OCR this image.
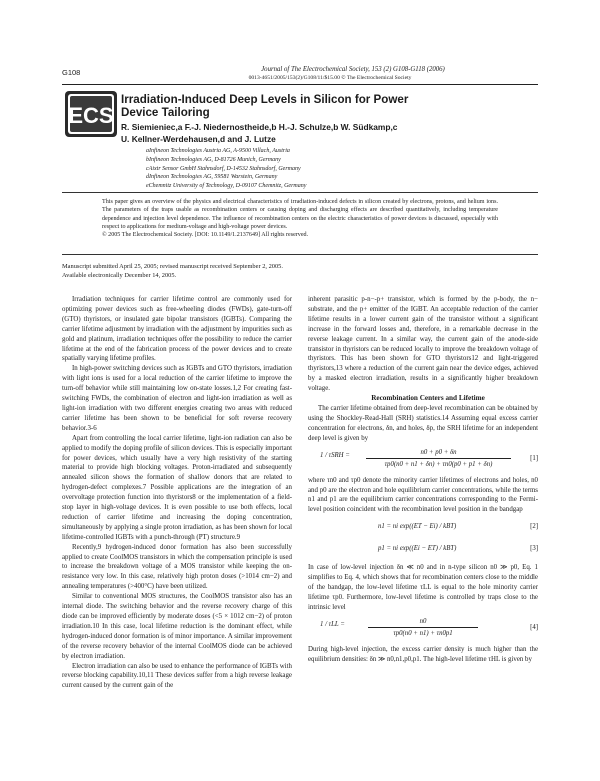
G108	Journal of The Electrochemical Society, 153 (2) G108-G118 (2006)
0013-4651/2005/153(2)/G108/11/$15.00 © The Electrochemical Society
ECS
Irradiation-Induced Deep Levels in Silicon for Power
Device Tailoring
R. Siemieniec,a F.-J. Niedernostheide,b H.-J. Schulze,b W. Südkamp,c
U. Kellner-Werdehausen,d and J. Lutze
aInfineon Technologies Austria AG, A-9500 Villach, Austria
bInfineon Technologies AG, D-81726 Munich, Germany
cAixtr Sensor GmbH Stahnsdorf, D-14532 Stahnsdorf, Germany
dInfineon Technologies AG, 59581 Warstein, Germany
eChemnitz University of Technology, D-09107 Chemnitz, Germany
This paper gives an overview of the physics and electrical characteristics of irradiation-induced defects in silicon created by electrons, protons, and helium ions. The parameters of the traps usable as recombination centers or causing doping and discharging effects are described quantitatively, including temperature dependence and injection level dependence. The influence of recombination centers on the electric characteristics of power devices is discussed, especially with respect to applications for medium-voltage and high-voltage power devices.
© 2005 The Electrochemical Society. [DOI: 10.1149/1.2137649] All rights reserved.
Manuscript submitted April 25, 2005; revised manuscript received September 2, 2005.
Available electronically December 14, 2005.

Irradiation techniques for carrier lifetime control are commonly used for optimizing power devices such as free-wheeling diodes (FWDs), gate-turn-off (GTO) thyristors, or insulated gate bipolar transistors (IGBTs). Comparing the carrier lifetime adjustment by irradiation with the adjustment by impurities such as gold and platinum, irradiation techniques offer the possibility to reduce the carrier lifetime at the end of the fabrication process of the power devices and to create spatially varying lifetime profiles.

In high-power switching devices such as IGBTs and GTO thyristors, irradiation with light ions is used for a local reduction of the carrier lifetime to improve the turn-off behavior while still maintaining low on-state losses.1,2 For creating fast-switching FWDs, the combination of electron and light-ion irradiation as well as light-ion irradiation with two different energies creating two areas with reduced carrier lifetime has been shown to be beneficial for soft reverse recovery behavior.3-6

Apart from controlling the local carrier lifetime, light-ion radiation can also be applied to modify the doping profile of silicon devices. This is especially important for power devices, which usually have a very high resistivity of the starting material to provide high blocking voltages. Proton-irradiated and subsequently annealed silicon shows the formation of shallow donors that are related to hydrogen-defect complexes.7 Possible applications are the integration of an overvoltage protection function into thyristors8 or the implementation of a field-stop layer in high-voltage devices. It is even possible to use both effects, local reduction of carrier lifetime and increasing the doping concentration, simultaneously by applying a single proton irradiation, as has been shown for local lifetime-controlled IGBTs with a punch-through (PT) structure.9

Recently,9 hydrogen-induced donor formation has also been successfully applied to create CoolMOS transistors in which the compensation principle is used to increase the breakdown voltage of a MOS transistor while keeping the on-resistance very low. In this case, relatively high proton doses (>1014 cm−2) and annealing temperatures (>400°C) have been utilized.

Similar to conventional MOS structures, the CoolMOS transistor also has an internal diode. The switching behavior and the reverse recovery charge of this diode can be improved efficiently by moderate doses (<5 × 1012 cm−2) of proton irradiation.10 In this case, local lifetime reduction is the dominant effect, while hydrogen-induced donor formation is of minor importance. A similar improvement of the reverse recovery behavior of the internal CoolMOS diode can be achieved by electron irradiation.

Electron irradiation can also be used to enhance the performance of IGBTs with reverse blocking capability.10,11 These devices suffer from a high reverse leakage current caused by the current gain of the

inherent parasitic p-n−-p+ transistor, which is formed by the p-body, the n− substrate, and the p+ emitter of the IGBT. An acceptable reduction of the carrier lifetime results in a lower current gain of the transistor without a significant increase in the forward losses and, therefore, in a remarkable decrease in the reverse leakage current. In a similar way, the current gain of the anode-side transistor in thyristors can be reduced locally to improve the breakdown voltage of thyristors. This has been shown for GTO thyristors12 and light-triggered thyristors,13 where a reduction of the current gain near the device edges, achieved by a masked electron irradiation, results in a significantly higher breakdown voltage.

Recombination Centers and Lifetime

The carrier lifetime obtained from deep-level recombination can be obtained by using the Shockley-Read-Hall (SRH) statistics.14 Assuming equal excess carrier concentration for electrons, δn, and holes, δp, the SRH lifetime for an independent deep level is given by

$1 / \tau SRH = \frac{n0 + p0 + \delta n}{\tau p0(n0 + n1 + \delta n) + \tau n0(p0 + p1 + \delta n)}$	[1]

where τn0 and τp0 denote the minority carrier lifetimes of electrons and holes, n0 and p0 are the electron and hole equilibrium carrier concentrations, while the terms n1 and p1 are the equilibrium carrier concentrations corresponding to the Fermi-level position coincident with the recombination level position in the bandgap

n1 = ni exp((ET − Ei) / kBT)	[2]
p1 = ni exp((Ei − ET) / kBT)	[3]

In case of low-level injection δn ≪ n0 and in n-type silicon n0 ≫ p0, Eq. 1 simplifies to Eq. 4, which shows that for recombination centers close to the middle of the bandgap, the low-level lifetime τLL is equal to the hole minority carrier lifetime τp0. Furthermore, low-level lifetime is controlled by traps close to the intrinsic level

1 / τLL =	$\frac{n0}{\tau p0(n0 + n1) + \tau n0p1}$	[4]

During high-level injection, the excess carrier density is much higher than the equilibrium densities: δn ≫ n0,n1,p0,p1. The high-level lifetime τHL is given by
